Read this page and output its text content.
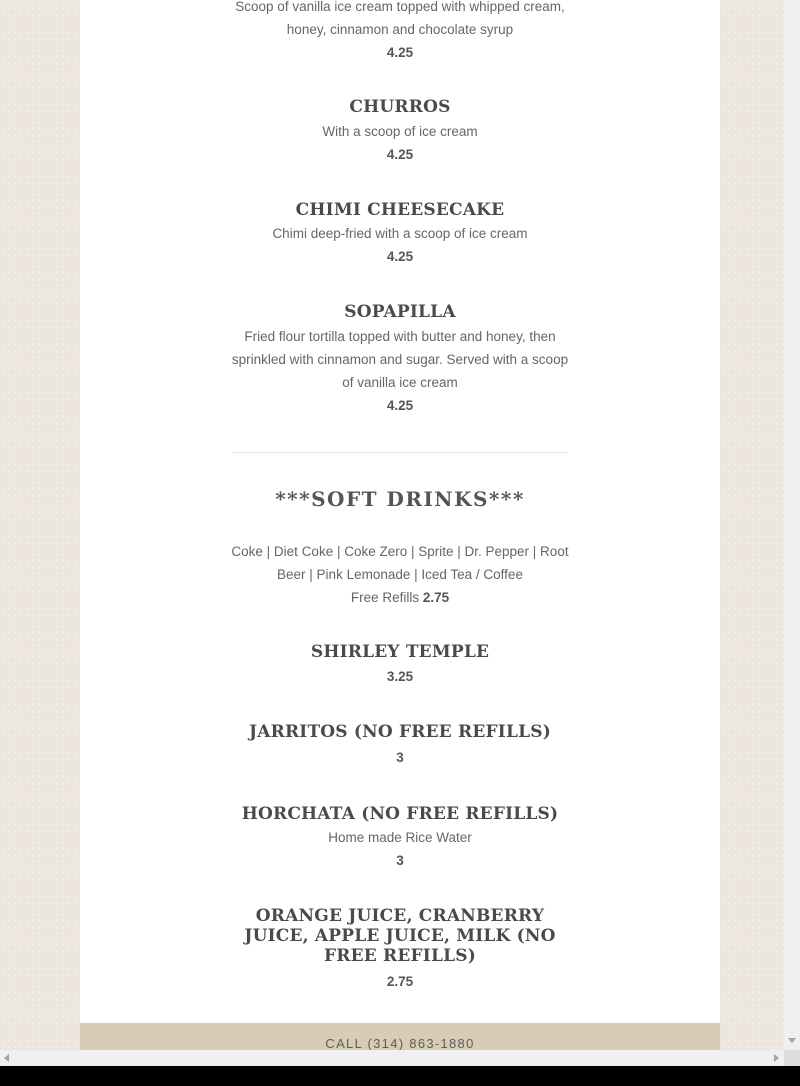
Scoop of vanilla ice cream topped with whipped cream, honey, cinnamon and chocolate syrup

4.25

CHURROS

With a scoop of ice cream

4.25

CHIMI CHEESECAKE

Chimi deep-fried with a scoop of ice cream

4.25

SOPAPILLA

Fried flour tortilla topped with butter and honey, then sprinkled with cinnamon and sugar. Served with a scoop of vanilla ice cream

4.25

***SOFT DRINKS***

Coke | Diet Coke | Coke Zero | Sprite | Dr. Pepper | Root Beer | Pink Lemonade | Iced Tea / Coffee

Free Refills 2.75

SHIRLEY TEMPLE

3.25

JARRITOS (NO FREE REFILLS)

3

HORCHATA (NO FREE REFILLS)

Home made Rice Water

3

ORANGE JUICE, CRANBERRY JUICE, APPLE JUICE, MILK (NO FREE REFILLS)

2.75

CALL (314) 863-1880
